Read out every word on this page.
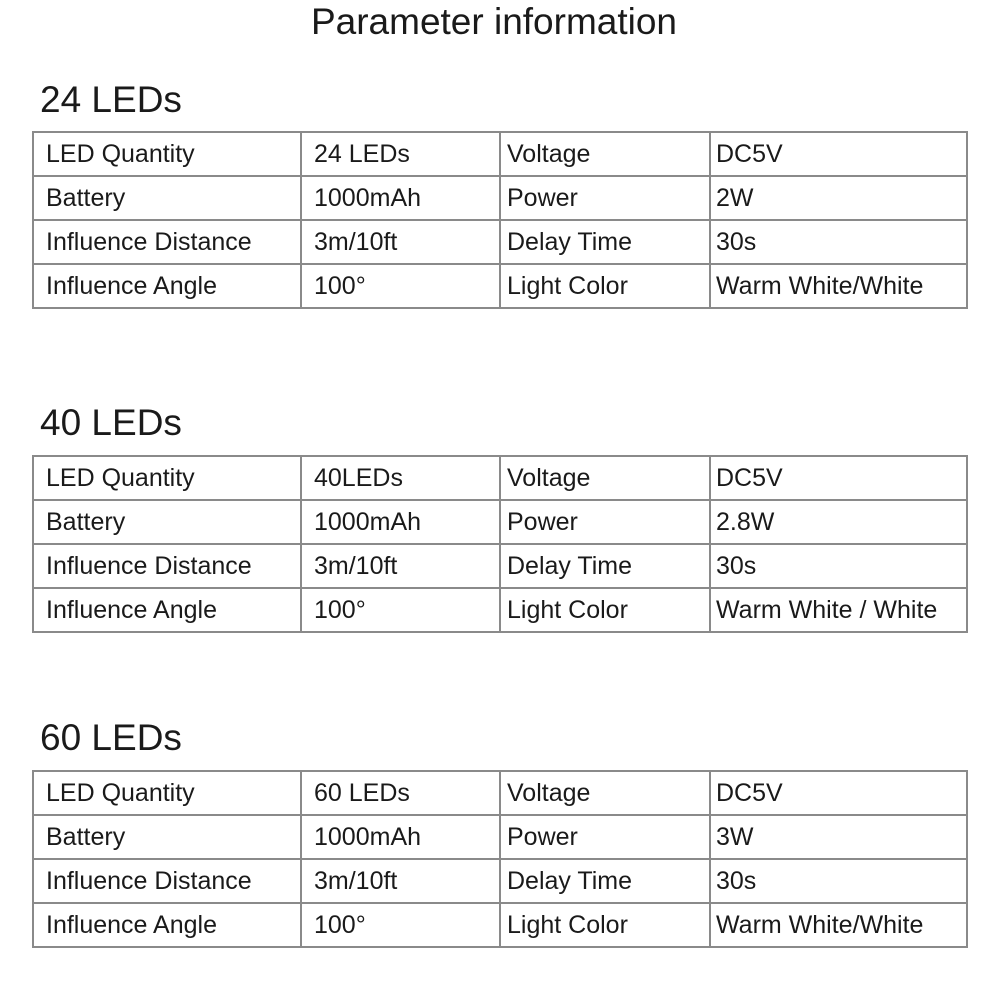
Parameter information
24 LEDs
LED Quantity	24 LEDs	Voltage	DC5V
Battery	1000mAh	Power	2W
Influence Distance	3m/10ft	Delay Time	30s
Influence Angle	100°	Light Color	Warm White/White
40 LEDs
LED Quantity	40LEDs	Voltage	DC5V
Battery	1000mAh	Power	2.8W
Influence Distance	3m/10ft	Delay Time	30s
Influence Angle	100°	Light Color	Warm White / White
60 LEDs
LED Quantity	60 LEDs	Voltage	DC5V
Battery	1000mAh	Power	3W
Influence Distance	3m/10ft	Delay Time	30s
Influence Angle	100°	Light Color	Warm White/White
